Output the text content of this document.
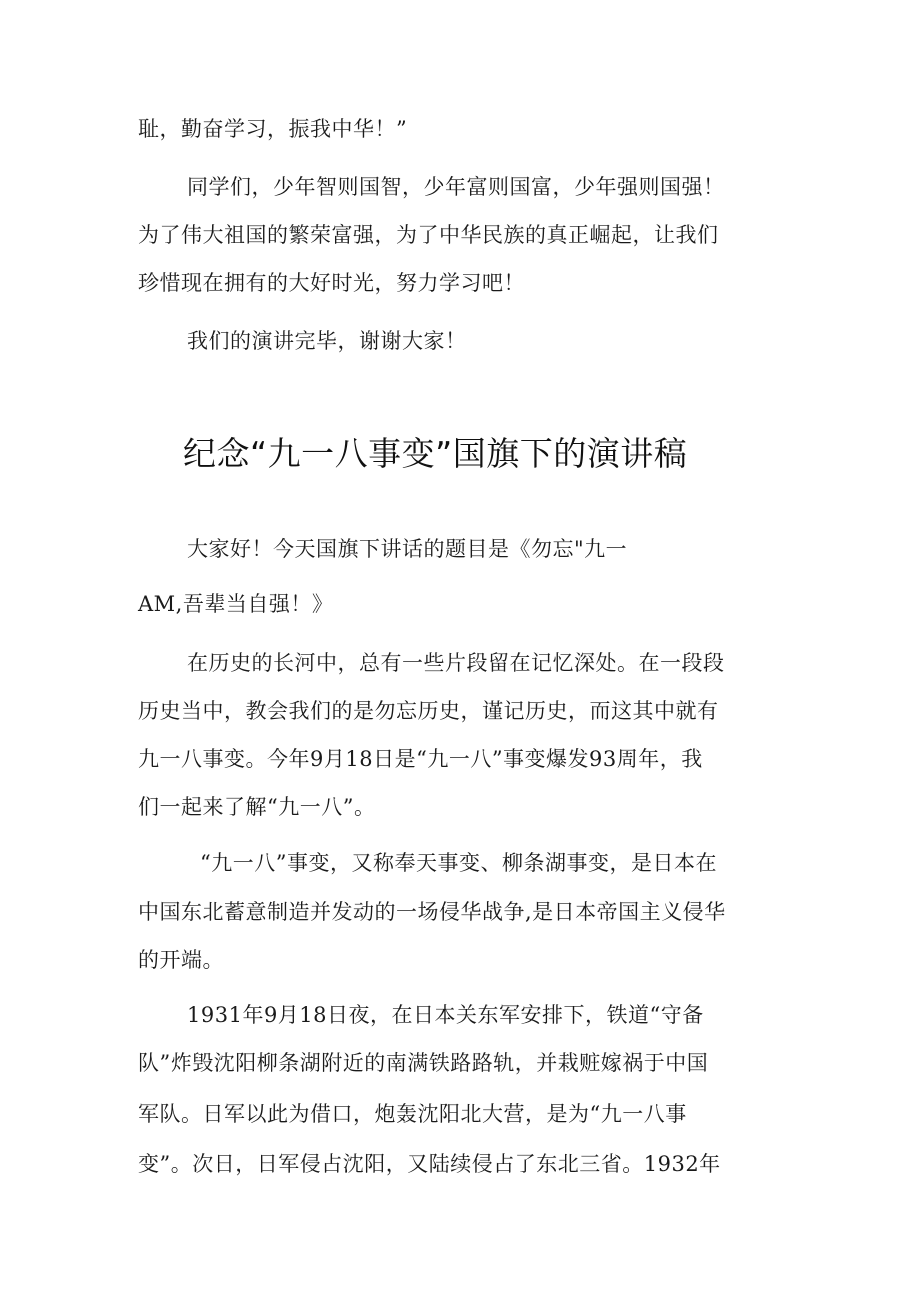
耻，勤奋学习，振我中华！”
同学们，少年智则国智，少年富则国富，少年强则国强！
为了伟大祖国的繁荣富强，为了中华民族的真正崛起，让我们
珍惜现在拥有的大好时光，努力学习吧！
我们的演讲完毕，谢谢大家！
纪念“九一八事变”国旗下的演讲稿
大家好！今天国旗下讲话的题目是《勿忘"九一
AM,吾辈当自强！》
在历史的长河中，总有一些片段留在记忆深处。在一段段
历史当中，教会我们的是勿忘历史，谨记历史，而这其中就有
九一八事变。今年9月18日是“九一八”事变爆发93周年，我
们一起来了解“九一八”。
“九一八”事变，又称奉天事变、柳条湖事变，是日本在
中国东北蓄意制造并发动的一场侵华战争,是日本帝国主义侵华
的开端。
1931年9月18日夜，在日本关东军安排下，铁道“守备
队”炸毁沈阳柳条湖附近的南满铁路路轨，并栽赃嫁祸于中国
军队。日军以此为借口，炮轰沈阳北大营，是为“九一八事
变”。次日，日军侵占沈阳，又陆续侵占了东北三省。1932年
